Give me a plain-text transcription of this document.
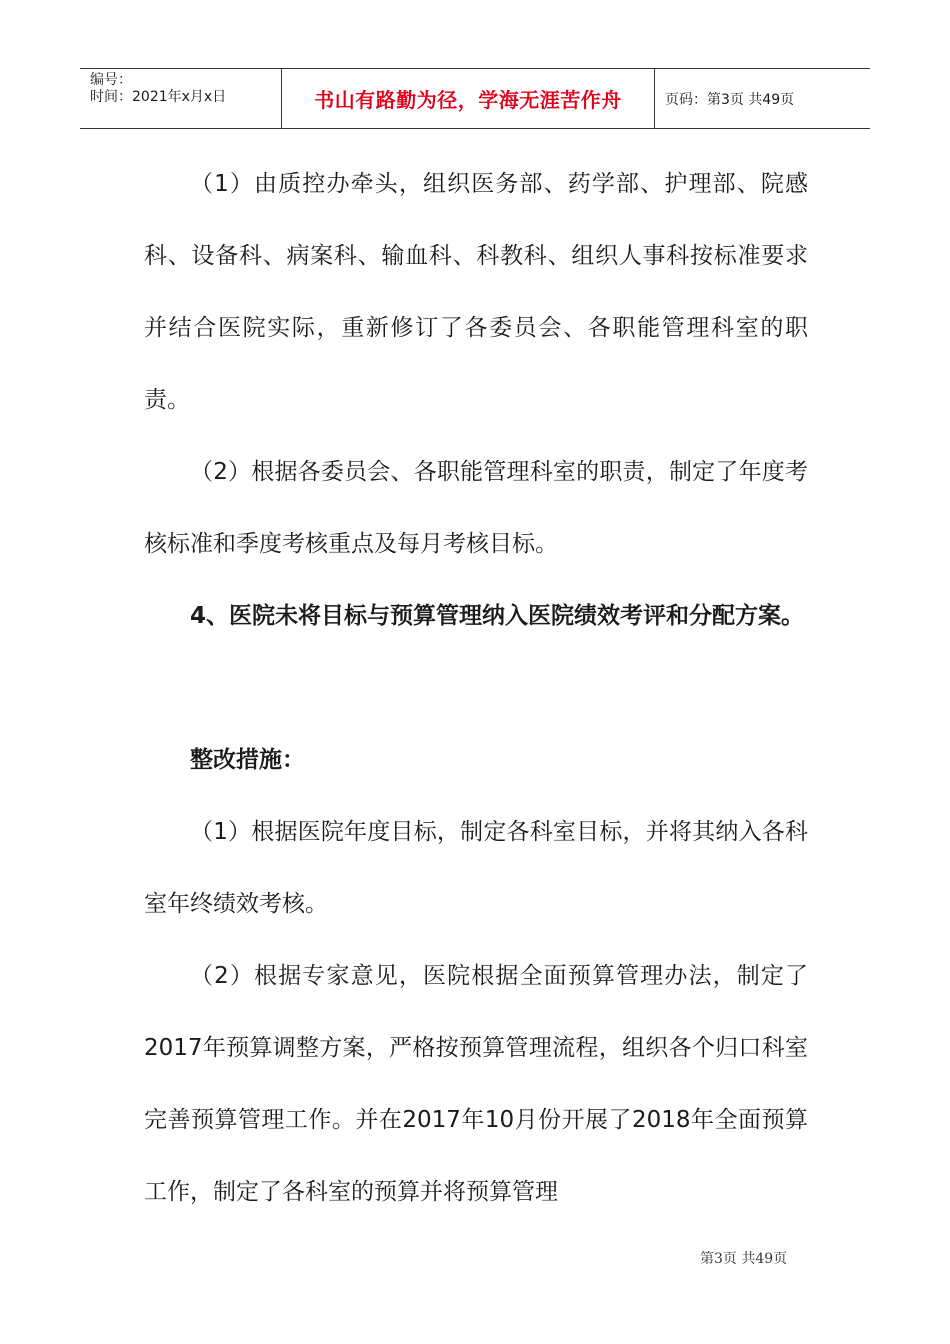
编号：
时间：2021年x月x日	书山有路勤为径，学海无涯苦作舟	页码：第3页 共49页

（1）由质控办牵头，组织医务部、药学部、护理部、院感科、设备科、病案科、输血科、科教科、组织人事科按标准要求并结合医院实际，重新修订了各委员会、各职能管理科室的职责。

（2）根据各委员会、各职能管理科室的职责，制定了年度考核标准和季度考核重点及每月考核目标。

4、医院未将目标与预算管理纳入医院绩效考评和分配方案。

整改措施：

（1）根据医院年度目标，制定各科室目标，并将其纳入各科室年终绩效考核。

（2）根据专家意见，医院根据全面预算管理办法，制定了2017年预算调整方案，严格按预算管理流程，组织各个归口科室完善预算管理工作。并在2017年10月份开展了2018年全面预算工作，制定了各科室的预算并将预算管理

第3页 共49页
